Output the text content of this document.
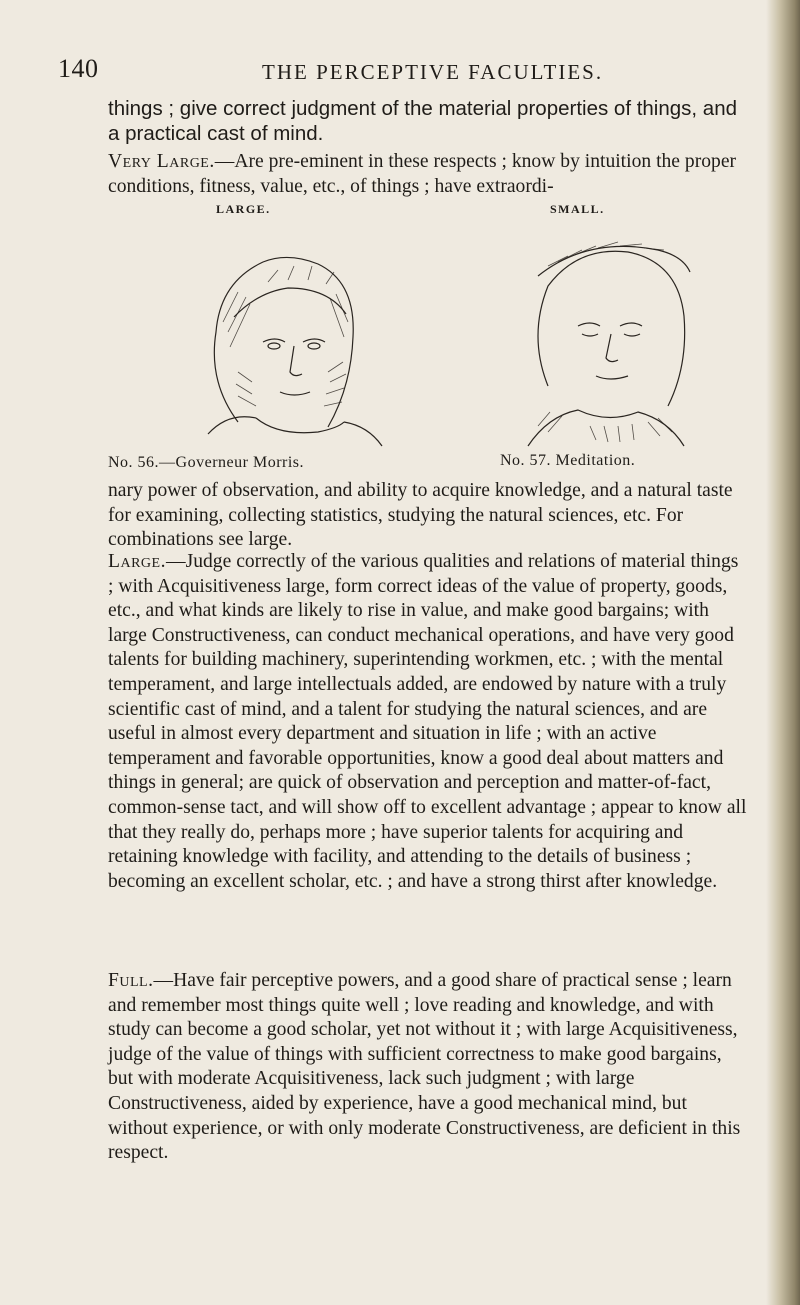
140	THE PERCEPTIVE FACULTIES.

things ; give correct judgment of the material properties of things, and a practical cast of mind.

Very Large.—Are pre-eminent in these respects ; know by intuition the proper conditions, fitness, value, etc., of things ; have extraordi-

LARGE.
No. 56.—Governeur Morris.
SMALL.
No. 57. Meditation.

nary power of observation, and ability to acquire knowledge, and a natural taste for examining, collecting statistics, studying the natural sciences, etc. For combinations see large.

Large.—Judge correctly of the various qualities and relations of material things ; with Acquisitiveness large, form correct ideas of the value of property, goods, etc., and what kinds are likely to rise in value, and make good bargains; with large Constructiveness, can conduct mechanical operations, and have very good talents for building machinery, superintending workmen, etc. ; with the mental temperament, and large intellectuals added, are endowed by nature with a truly scientific cast of mind, and a talent for studying the natural sciences, and are useful in almost every department and situation in life ; with an active temperament and favorable opportunities, know a good deal about matters and things in general; are quick of observation and perception and matter-of-fact, common-sense tact, and will show off to excellent advantage ; appear to know all that they really do, perhaps more ; have superior talents for acquiring and retaining knowledge with facility, and attending to the details of business ; becoming an excellent scholar, etc. ; and have a strong thirst after knowledge.

Full.—Have fair perceptive powers, and a good share of practical sense ; learn and remember most things quite well ; love reading and knowledge, and with study can become a good scholar, yet not without it ; with large Acquisitiveness, judge of the value of things with sufficient correctness to make good bargains, but with moderate Acquisitiveness, lack such judgment ; with large Constructiveness, aided by experience, have a good mechanical mind, but without experience, or with only moderate Constructiveness, are deficient in this respect.
